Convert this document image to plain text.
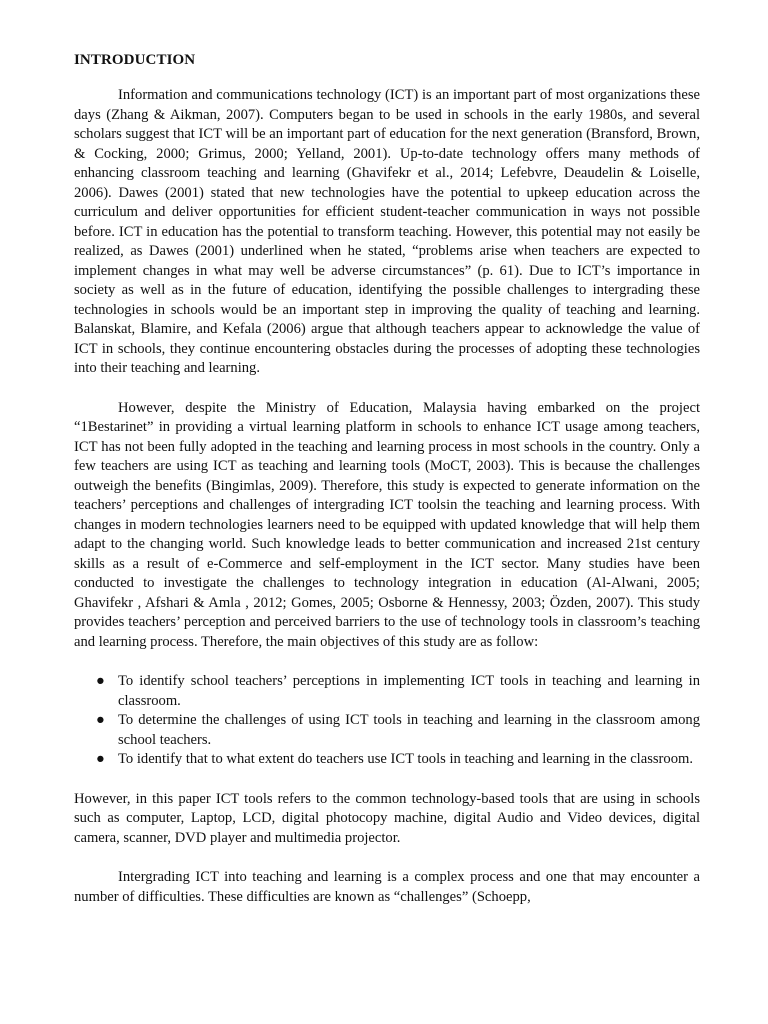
INTRODUCTION

Information and communications technology (ICT) is an important part of most organizations these days (Zhang & Aikman, 2007). Computers began to be used in schools in the early 1980s, and several scholars suggest that ICT will be an important part of education for the next generation (Bransford, Brown, & Cocking, 2000; Grimus, 2000; Yelland, 2001). Up-to-date technology offers many methods of enhancing classroom teaching and learning (Ghavifekr et al., 2014; Lefebvre, Deaudelin & Loiselle, 2006). Dawes (2001) stated that new technologies have the potential to upkeep education across the curriculum and deliver opportunities for efficient student-teacher communication in ways not possible before. ICT in education has the potential to transform teaching. However, this potential may not easily be realized, as Dawes (2001) underlined when he stated, “problems arise when teachers are expected to implement changes in what may well be adverse circumstances” (p. 61). Due to ICT’s importance in society as well as in the future of education, identifying the possible challenges to intergrading these technologies in schools would be an important step in improving the quality of teaching and learning. Balanskat, Blamire, and Kefala (2006) argue that although teachers appear to acknowledge the value of ICT in schools, they continue encountering obstacles during the processes of adopting these technologies into their teaching and learning.

However, despite the Ministry of Education, Malaysia having embarked on the project “1Bestarinet” in providing a virtual learning platform in schools to enhance ICT usage among teachers, ICT has not been fully adopted in the teaching and learning process in most schools in the country. Only a few teachers are using ICT as teaching and learning tools (MoCT, 2003). This is because the challenges outweigh the benefits (Bingimlas, 2009). Therefore, this study is expected to generate information on the teachers’ perceptions and challenges of intergrading ICT toolsin the teaching and learning process. With changes in modern technologies learners need to be equipped with updated knowledge that will help them adapt to the changing world. Such knowledge leads to better communication and increased 21st century skills as a result of e-Commerce and self-employment in the ICT sector. Many studies have been conducted to investigate the challenges to technology integration in education (Al-Alwani, 2005; Ghavifekr , Afshari & Amla , 2012; Gomes, 2005; Osborne & Hennessy, 2003; Özden, 2007). This study provides teachers’ perception and perceived barriers to the use of technology tools in classroom’s teaching and learning process. Therefore, the main objectives of this study are as follow:

● To identify school teachers’ perceptions in implementing ICT tools in teaching and learning in classroom.
● To determine the challenges of using ICT tools in teaching and learning in the classroom among school teachers.
● To identify that to what extent do teachers use ICT tools in teaching and learning in the classroom.

However, in this paper ICT tools refers to the common technology-based tools that are using in schools such as computer, Laptop, LCD, digital photocopy machine, digital Audio and Video devices, digital camera, scanner, DVD player and multimedia projector.

Intergrading ICT into teaching and learning is a complex process and one that may encounter a number of difficulties. These difficulties are known as “challenges” (Schoepp,
